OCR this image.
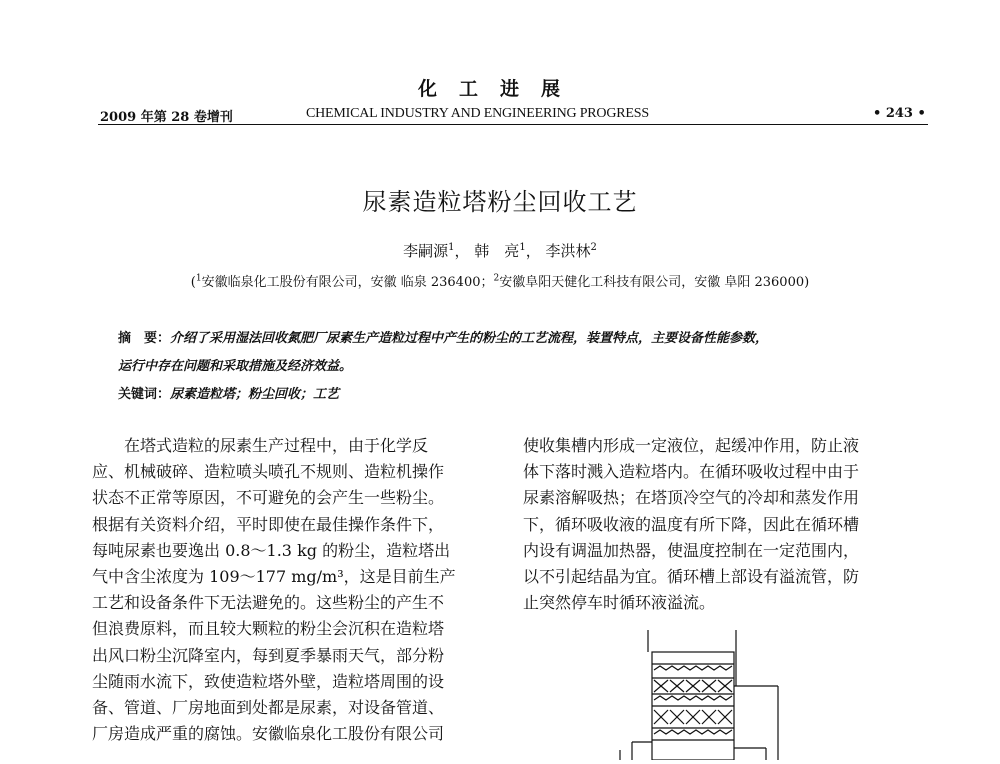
化工进展
2009 年第 28 卷增刊	CHEMICAL INDUSTRY AND ENGINEERING PROGRESS	• 243 •
尿素造粒塔粉尘回收工艺
李嗣源$^1$， 韩　亮$^1$， 李洪林$^2$
($^1$安徽临泉化工股份有限公司，安徽 临泉 236400；$^2$安徽阜阳天健化工科技有限公司，安徽 阜阳 236000)
摘　要：介绍了采用湿法回收氮肥厂尿素生产造粒过程中产生的粉尘的工艺流程，装置特点，主要设备性能参数，
运行中存在问题和采取措施及经济效益。
关键词：尿素造粒塔；粉尘回收；工艺

　　在塔式造粒的尿素生产过程中，由于化学反

应、机械破碎、造粒喷头喷孔不规则、造粒机操作

状态不正常等原因，不可避免的会产生一些粉尘。

根据有关资料介绍，平时即使在最佳操作条件下，

每吨尿素也要逸出 0.8～1.3 kg 的粉尘，造粒塔出

气中含尘浓度为 109～177 mg/m³，这是目前生产

工艺和设备条件下无法避免的。这些粉尘的产生不

但浪费原料，而且较大颗粒的粉尘会沉积在造粒塔

出风口粉尘沉降室内，每到夏季暴雨天气，部分粉

尘随雨水流下，致使造粒塔外壁，造粒塔周围的设

备、管道、厂房地面到处都是尿素，对设备管道、

厂房造成严重的腐蚀。安徽临泉化工股份有限公司

使收集槽内形成一定液位，起缓冲作用，防止液

体下落时溅入造粒塔内。在循环吸收过程中由于

尿素溶解吸热；在塔顶冷空气的冷却和蒸发作用

下，循环吸收液的温度有所下降，因此在循环槽

内设有调温加热器，使温度控制在一定范围内，

以不引起结晶为宜。循环槽上部设有溢流管，防

止突然停车时循环液溢流。
